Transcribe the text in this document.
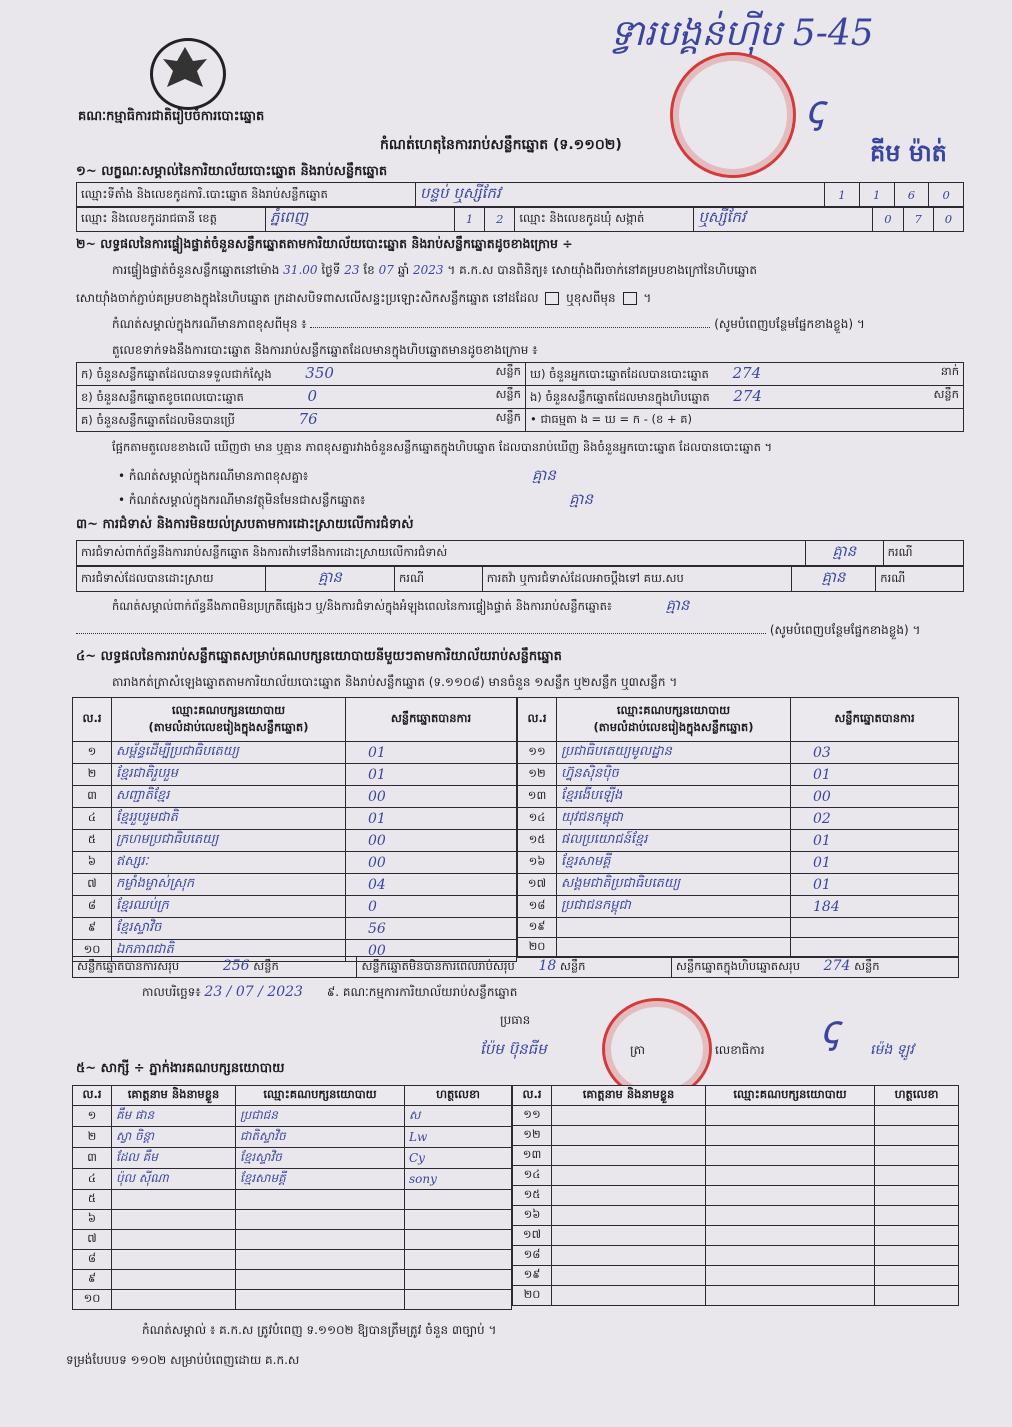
ទ្វារបង្គន់ហ៊ីប 5-45
គណៈកម្មាធិការជាតិរៀបចំការបោះឆ្នោត	ꞔ
គីម ម៉ាត់
កំណត់ហេតុនៃការរាប់សន្លឹកឆ្នោត (ទ.១១០២)
១~ លក្ខណៈសម្គាល់នៃការិយាល័យបោះឆ្នោត និងរាប់សន្លឹកឆ្នោត
ឈ្មោះទីតាំង និងលេខកូដការិ.បោះឆ្នោត និងរាប់សន្លឹកឆ្នោត	បន្ទប់ ឬស្សីកែវ	1	1	6	0
ឈ្មោះ និងលេខកូដរាជធានី ខេត្ត	ភ្នំពេញ	1	2	ឈ្មោះ និងលេខកូដឃុំ សង្កាត់	ឬស្សីកែវ	0	7	0
២~ លទ្ធផលនៃការផ្ទៀងផ្ទាត់ចំនួនសន្លឹកឆ្នោតតាមការិយាល័យបោះឆ្នោត និងរាប់សន្លឹកឆ្នោតដូចខាងក្រោម ÷
ការផ្ទៀងផ្ទាត់ចំនួនសន្លឹកឆ្នោតនៅម៉ោង 31.00 ថ្ងៃទី 23 ខែ 07 ឆ្នាំ 2023 ។ គ.ក.ស បានពិនិត្យ៖ សោយ៉ាំងពីរចាក់នៅគម្របខាងក្រៅនៃហិបឆ្នោត
សោយ៉ាំងចាក់ភ្ជាប់គម្របខាងក្នុងនៃហិបឆ្នោត ក្រដាសបិទពាសលើសន្ទះប្រឡោះសិកសន្លឹកឆ្នោត នៅដដែល ឬខុសពីមុន  ។
កំណត់សម្គាល់ក្នុងករណីមានភាពខុសពីមុន ៖	(សូមបំពេញបន្ថែមផ្នែកខាងខ្លួង) ។
តួលេខទាក់ទងនឹងការបោះឆ្នោត និងការរាប់សន្លឹកឆ្នោតដែលមានក្នុងហិបឆ្នោតមានដូចខាងក្រោម ៖
ក) ចំនួនសន្លឹកឆ្នោតដែលបានទទួលជាក់ស្តែង 350 សន្លឹក	ឃ) ចំនួនអ្នកបោះឆ្នោតដែលបានបោះឆ្នោត 274 នាក់

ខ) ចំនួនសន្លឹកឆ្នោតខូចពេលបោះឆ្នោត 0 សន្លឹក	ង) ចំនួនសន្លឹកឆ្នោតដែលមានក្នុងហិបឆ្នោត 274 សន្លឹក

គ) ចំនួនសន្លឹកឆ្នោតដែលមិនបានប្រើ 76 សន្លឹក	• ជាធម្មតា ង = ឃ = ក - (ខ + គ)
ផ្អែកតាមតួលេខខាងលើ ឃើញថា មាន ឬគ្មាន ភាពខុសគ្នារវាងចំនួនសន្លឹកឆ្នោតក្នុងហិបឆ្នោត ដែលបានរាប់ឃើញ និងចំនួនអ្នកបោះឆ្នោត ដែលបានបោះឆ្នោត ។
• កំណត់សម្គាល់ក្នុងករណីមានភាពខុសគ្នា៖	គ្មាន
• កំណត់សម្គាល់ក្នុងករណីមានវត្ថុមិនមែនជាសន្លឹកឆ្នោត៖	គ្មាន
៣~ ការជំទាស់ និងការមិនយល់ស្របតាមការដោះស្រាយលើការជំទាស់
ការជំទាស់ពាក់ព័ន្ធនឹងការរាប់សន្លឹកឆ្នោត និងការតវ៉ាទៅនឹងការដោះស្រាយលើការជំទាស់	គ្មាន	ករណី
ការជំទាស់ដែលបានដោះស្រាយ	គ្មាន	ករណី	ការតវ៉ា ឬការជំទាស់ដែលអាចប្តឹងទៅ គឃ.សប	គ្មាន	ករណី
កំណត់សម្គាល់ពាក់ព័ន្ធនឹងភាពមិនប្រក្រតីផ្សេងៗ ឬ/និងការជំទាស់ក្នុងអំឡុងពេលនៃការផ្ទៀងផ្ទាត់ និងការរាប់សន្លឹកឆ្នោត៖	គ្មាន
(សូមបំពេញបន្ថែមផ្នែកខាងខ្លួង) ។
៤~ លទ្ធផលនៃការរាប់សន្លឹកឆ្នោតសម្រាប់គណបក្សនយោបាយនីមួយៗតាមការិយាល័យរាប់សន្លឹកឆ្នោត
តារាងកត់ត្រាសំឡេងឆ្នោតតាមការិយាល័យបោះឆ្នោត និងរាប់សន្លឹកឆ្នោត (ទ.១១០៨) មានចំនួន ១សន្លឹក ឬ២សន្លឹក ឬ៣សន្លឹក ។
ល.រ	ឈ្មោះគណបក្សនយោបាយ
(តាមលំដាប់លេខរៀងក្នុងសន្លឹកឆ្នោត)	សន្លឹកឆ្នោតបានការ
១	សម្ព័ន្ធដើម្បីប្រជាធិបតេយ្យ	01
២	ខ្មែរជាតិរួបរួម	01
៣	សញ្ជាតិខ្មែរ	00
៤	ខ្មែររួបរួមជាតិ	01
៥	ក្រហមប្រជាធិបតេយ្យ	00
៦	ឥស្សរៈ	00
៧	កម្លាំងម្ចាស់ស្រុក	04
៨	ខ្មែរឈប់ក្រ	0
៩	ខ្មែរស្ទាវិច	56
១០	ឯកភាពជាតិ	00
ល.រ	ឈ្មោះគណបក្សនយោបាយ
(តាមលំដាប់លេខរៀងក្នុងសន្លឹកឆ្នោត)	សន្លឹកឆ្នោតបានការ
១១	ប្រជាធិបតេយ្យមូលដ្ឋាន	03
១២	ហ្វ៊ុនស៊ិនប៉ិច	01
១៣	ខ្មែរងើបឡើង	00
១៤	យុវជនកម្ពុជា	02
១៥	ផលប្រយោជន៍ខ្មែរ	01
១៦	ខ្មែរសាមគ្គី	01
១៧	សង្គមជាតិប្រជាធិបតេយ្យ	01
១៨	ប្រជាជនកម្ពុជា	184
១៩		
២០		
សន្លឹកឆ្នោតបានការសរុប	256 សន្លឹក	សន្លឹកឆ្នោតមិនបានការពេលរាប់សរុប 18 សន្លឹក	សន្លឹកឆ្នោតក្នុងហិបឆ្នោតសរុប 274 សន្លឹក
កាលបរិច្ឆេទ៖ 23 / 07 / 2023 ៩. គណៈកម្មការការិយាល័យរាប់សន្លឹកឆ្នោត
ប្រធាន
ប៉ែម ប៊ុនធីម	ត្រា	លេខាធិការ ꞔ ម៉េង ឡូវ
៥~ សាក្សី ÷ ភ្នាក់ងារគណបក្សនយោបាយ
ល.រ	គោត្តនាម និងនាមខ្លួន	ឈ្មោះគណបក្សនយោបាយ	ហត្ថលេខា
១	គឹម ផាន	ប្រជាជន	ស
២	ស្វា ចិន្តា	ជាតិស្ទាវិច	Lw
៣	ដែល គឹម	ខ្មែរស្ទាវិច	Cy
៤	ប៉ុល ស៊ីណា	ខ្មែរសាមគ្គី	sony
៥			
៦			
៧			
៨			
៩			
១០			
ល.រ	គោត្តនាម និងនាមខ្លួន	ឈ្មោះគណបក្សនយោបាយ	ហត្ថលេខា
១១			
១២			
១៣			
១៤			
១៥			
១៦			
១៧			
១៨			
១៩			
២០			
កំណត់សម្គាល់ ៖ គ.ក.ស ត្រូវបំពេញ ទ.១១០២ ឱ្យបានត្រឹមត្រូវ ចំនួន ៣ច្បាប់ ។
ទម្រង់បែបបទ ១១០២ សម្រាប់បំពេញដោយ គ.ក.ស
